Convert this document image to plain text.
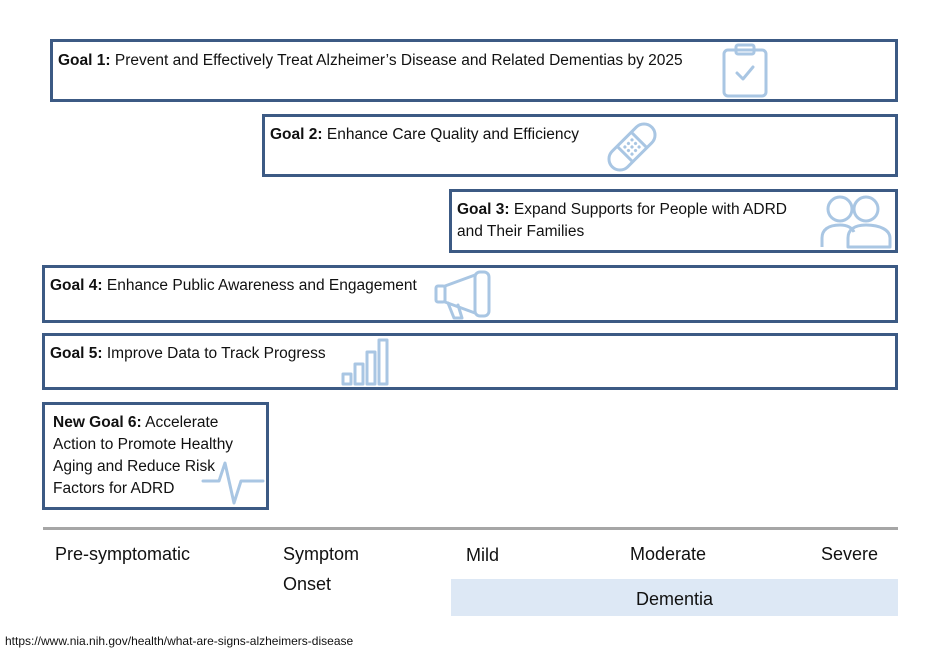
Goal 1: Prevent and Effectively Treat Alzheimer’s Disease and Related Dementias by 2025
Goal 2: Enhance Care Quality and Efficiency
Goal 3: Expand Supports for People with ADRD
and Their Families
Goal 4: Enhance Public Awareness and Engagement
Goal 5: Improve Data to Track Progress
New Goal 6: Accelerate
Action to Promote Healthy
Aging and Reduce Risk
Factors for ADRD
Pre-symptomatic	Symptom
Onset
Mild	Moderate	Severe
Dementia
https://www.nia.nih.gov/health/what-are-signs-alzheimers-disease
